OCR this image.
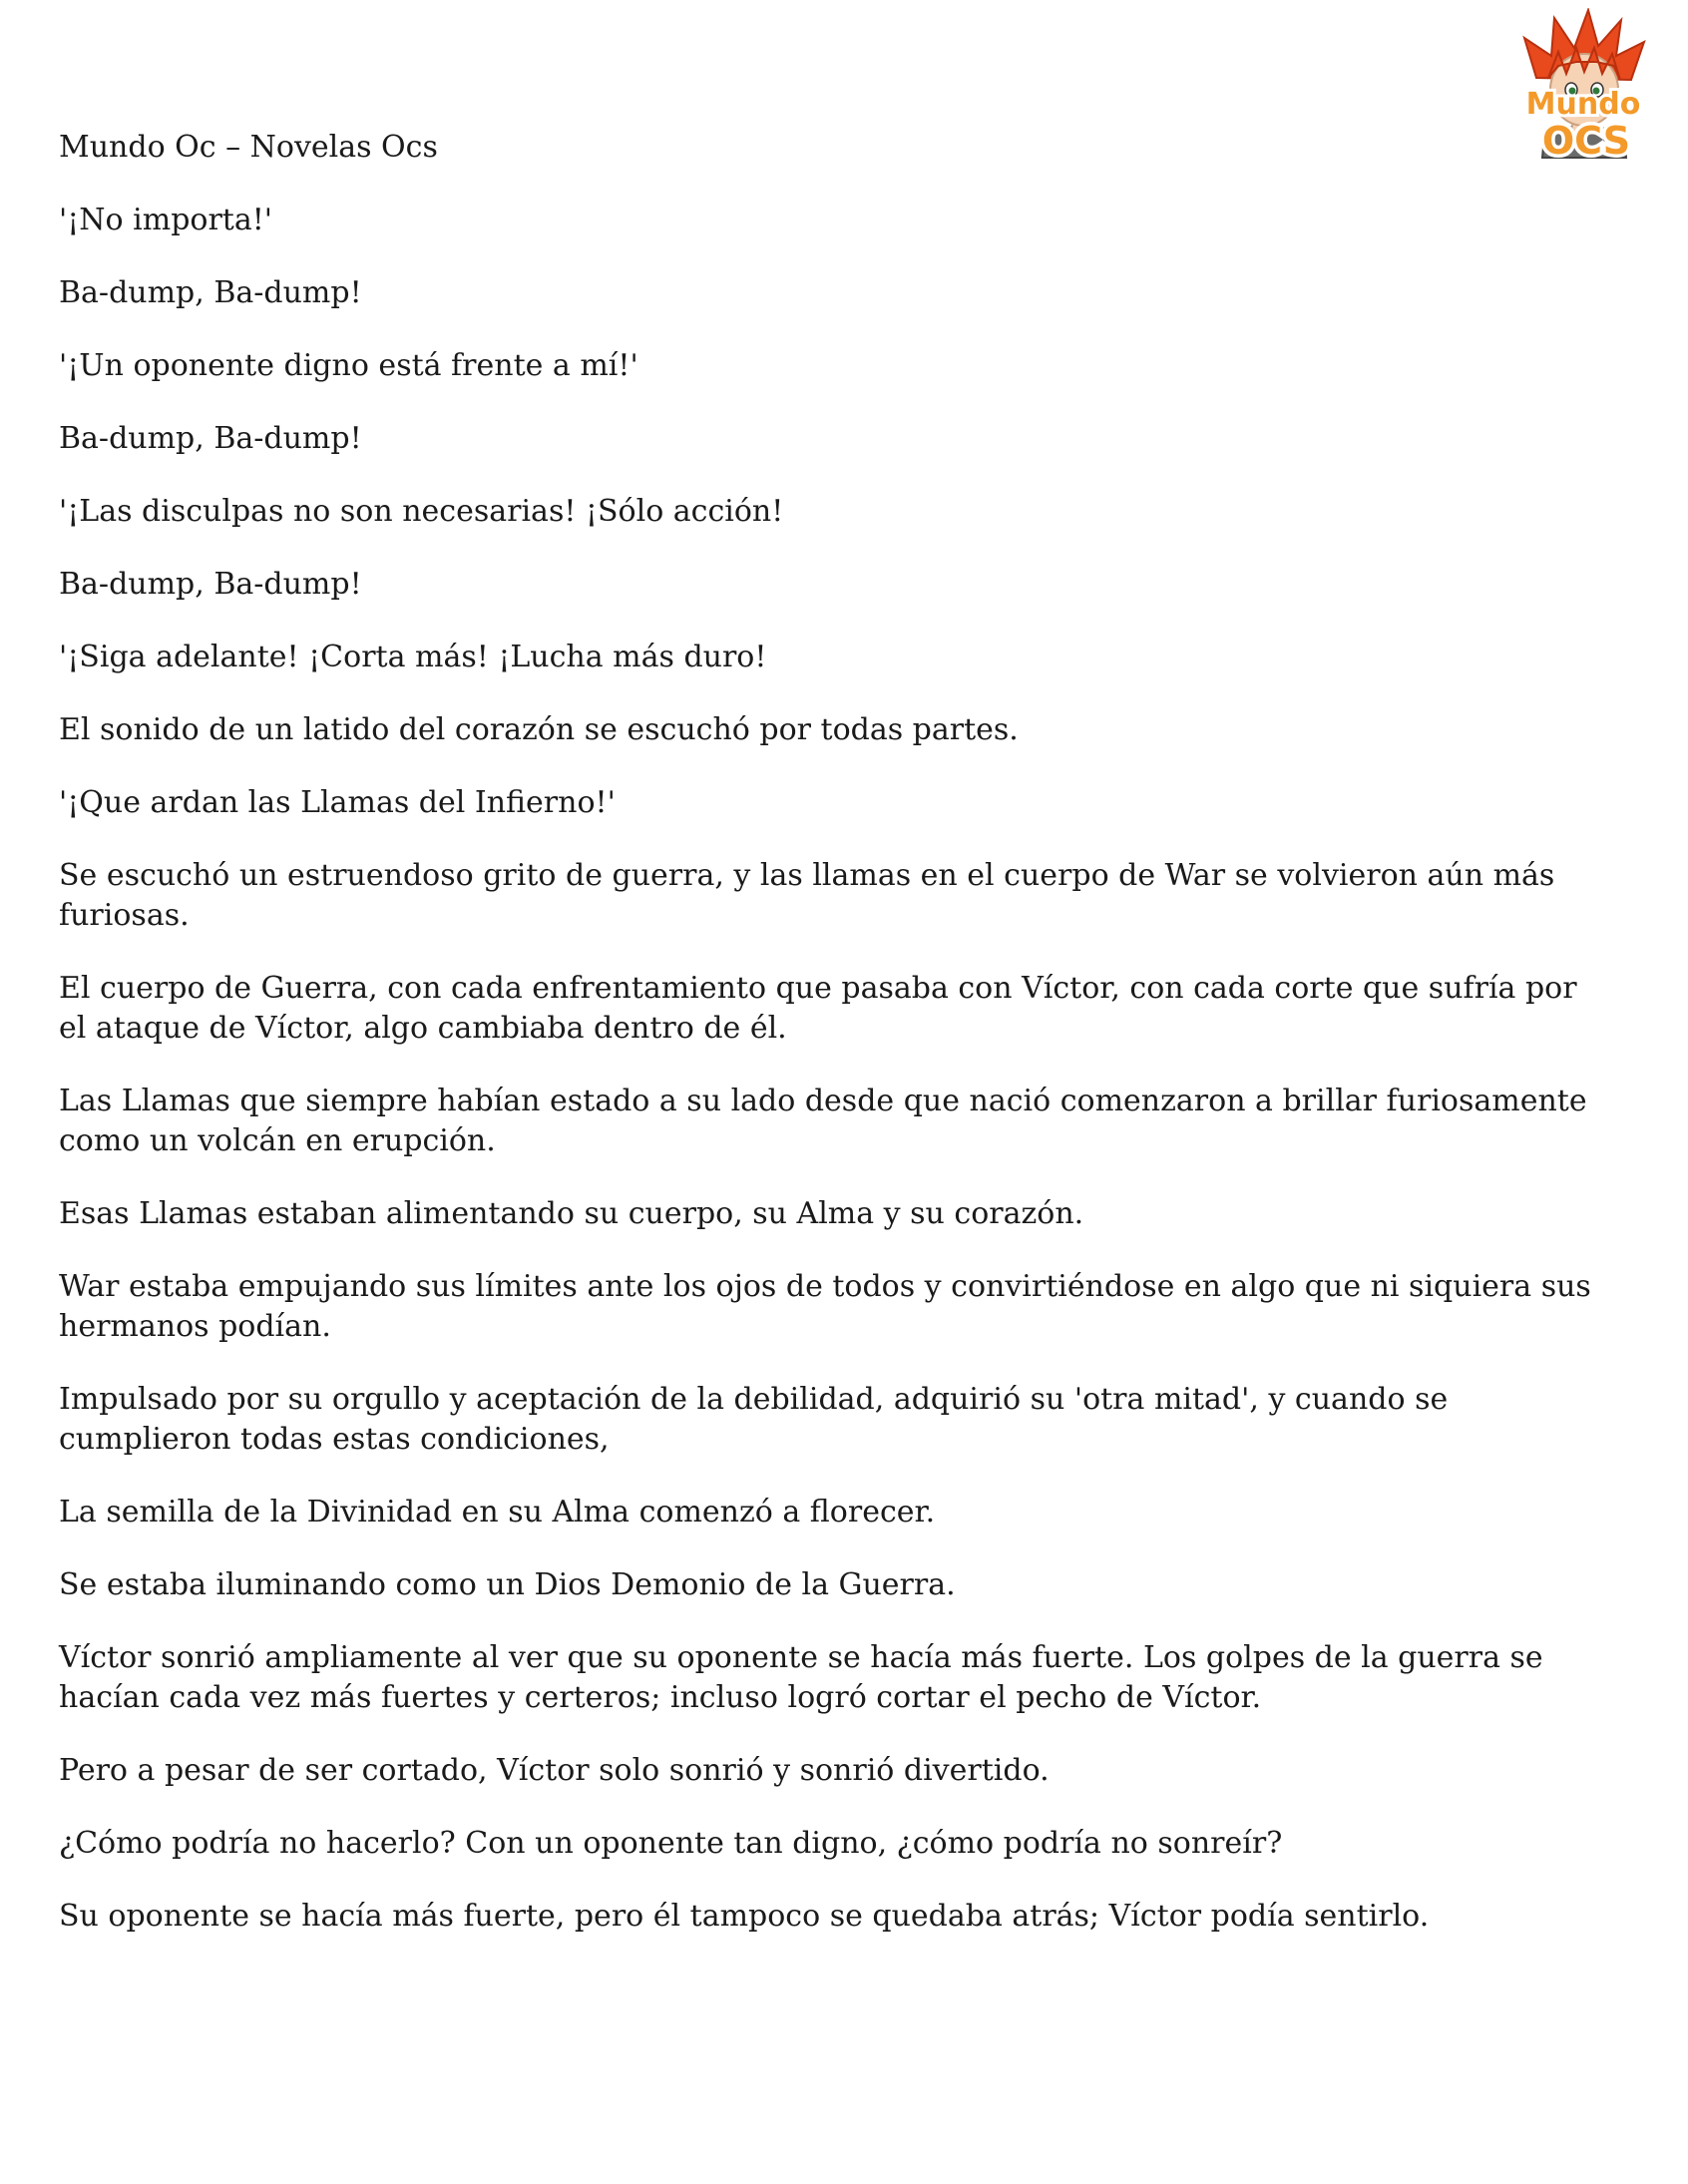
Mundo
OCS

Mundo Oc – Novelas Ocs

'¡No importa!'

Ba-dump, Ba-dump!

'¡Un oponente digno está frente a mí!'

Ba-dump, Ba-dump!

'¡Las disculpas no son necesarias! ¡Sólo acción!

Ba-dump, Ba-dump!

'¡Siga adelante! ¡Corta más! ¡Lucha más duro!

El sonido de un latido del corazón se escuchó por todas partes.

'¡Que ardan las Llamas del Infierno!'

Se escuchó un estruendoso grito de guerra, y las llamas en el cuerpo de War se volvieron aún más furiosas.

El cuerpo de Guerra, con cada enfrentamiento que pasaba con Víctor, con cada corte que sufría por el ataque de Víctor, algo cambiaba dentro de él.

Las Llamas que siempre habían estado a su lado desde que nació comenzaron a brillar furiosamente como un volcán en erupción.

Esas Llamas estaban alimentando su cuerpo, su Alma y su corazón.

War estaba empujando sus límites ante los ojos de todos y convirtiéndose en algo que ni siquiera sus hermanos podían.

Impulsado por su orgullo y aceptación de la debilidad, adquirió su 'otra mitad', y cuando se cumplieron todas estas condiciones,

La semilla de la Divinidad en su Alma comenzó a florecer.

Se estaba iluminando como un Dios Demonio de la Guerra.

Víctor sonrió ampliamente al ver que su oponente se hacía más fuerte. Los golpes de la guerra se hacían cada vez más fuertes y certeros; incluso logró cortar el pecho de Víctor.

Pero a pesar de ser cortado, Víctor solo sonrió y sonrió divertido.

¿Cómo podría no hacerlo? Con un oponente tan digno, ¿cómo podría no sonreír?

Su oponente se hacía más fuerte, pero él tampoco se quedaba atrás; Víctor podía sentirlo.
